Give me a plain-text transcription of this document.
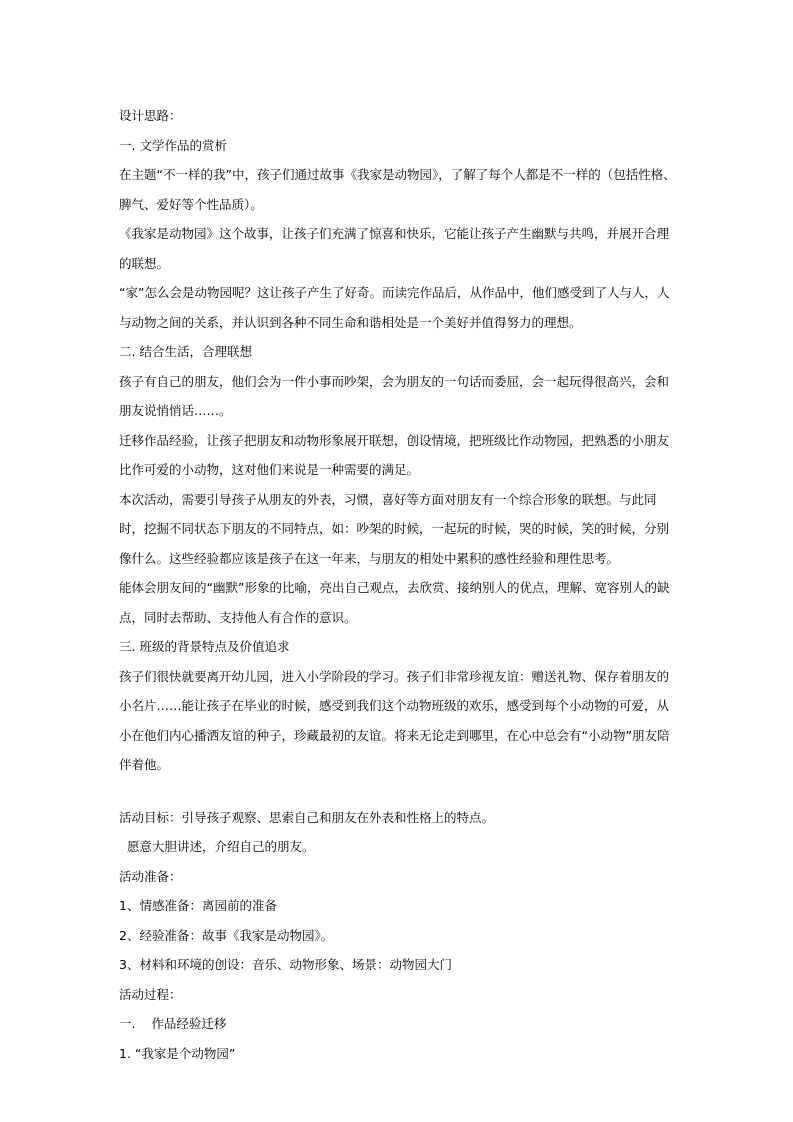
设计思路：

一. 文学作品的赏析

在主题“不一样的我”中，孩子们通过故事《我家是动物园》，了解了每个人都是不一样的（包括性格、脾气、爱好等个性品质）。

《我家是动物园》这个故事，让孩子们充满了惊喜和快乐，它能让孩子产生幽默与共鸣，并展开合理的联想。

“家”怎么会是动物园呢？这让孩子产生了好奇。而读完作品后，从作品中，他们感受到了人与人，人与动物之间的关系，并认识到各种不同生命和谐相处是一个美好并值得努力的理想。

二. 结合生活，合理联想

孩子有自己的朋友，他们会为一件小事而吵架，会为朋友的一句话而委屈，会一起玩得很高兴，会和朋友说悄悄话……。

迁移作品经验，让孩子把朋友和动物形象展开联想，创设情境，把班级比作动物园，把熟悉的小朋友比作可爱的小动物，这对他们来说是一种需要的满足。

本次活动，需要引导孩子从朋友的外表，习惯，喜好等方面对朋友有一个综合形象的联想。与此同时，挖掘不同状态下朋友的不同特点，如：吵架的时候，一起玩的时候，哭的时候，笑的时候，分别像什么。这些经验都应该是孩子在这一年来，与朋友的相处中累积的感性经验和理性思考。

能体会朋友间的“幽默”形象的比喻，亮出自己观点，去欣赏、接纳别人的优点，理解、宽容别人的缺点，同时去帮助、支持他人有合作的意识。

三. 班级的背景特点及价值追求

孩子们很快就要离开幼儿园，进入小学阶段的学习。孩子们非常珍视友谊：赠送礼物、保存着朋友的小名片……能让孩子在毕业的时候，感受到我们这个动物班级的欢乐，感受到每个小动物的可爱，从小在他们内心播洒友谊的种子，珍藏最初的友谊。将来无论走到哪里，在心中总会有“小动物”朋友陪伴着他。

活动目标：引导孩子观察、思索自己和朋友在外表和性格上的特点。

愿意大胆讲述，介绍自己的朋友。

活动准备：

1、情感准备：离园前的准备

2、经验准备：故事《我家是动物园》。

3、材料和环境的创设：音乐、动物形象、场景：动物园大门

活动过程：

一.    作品经验迁移

1. “我家是个动物园”
